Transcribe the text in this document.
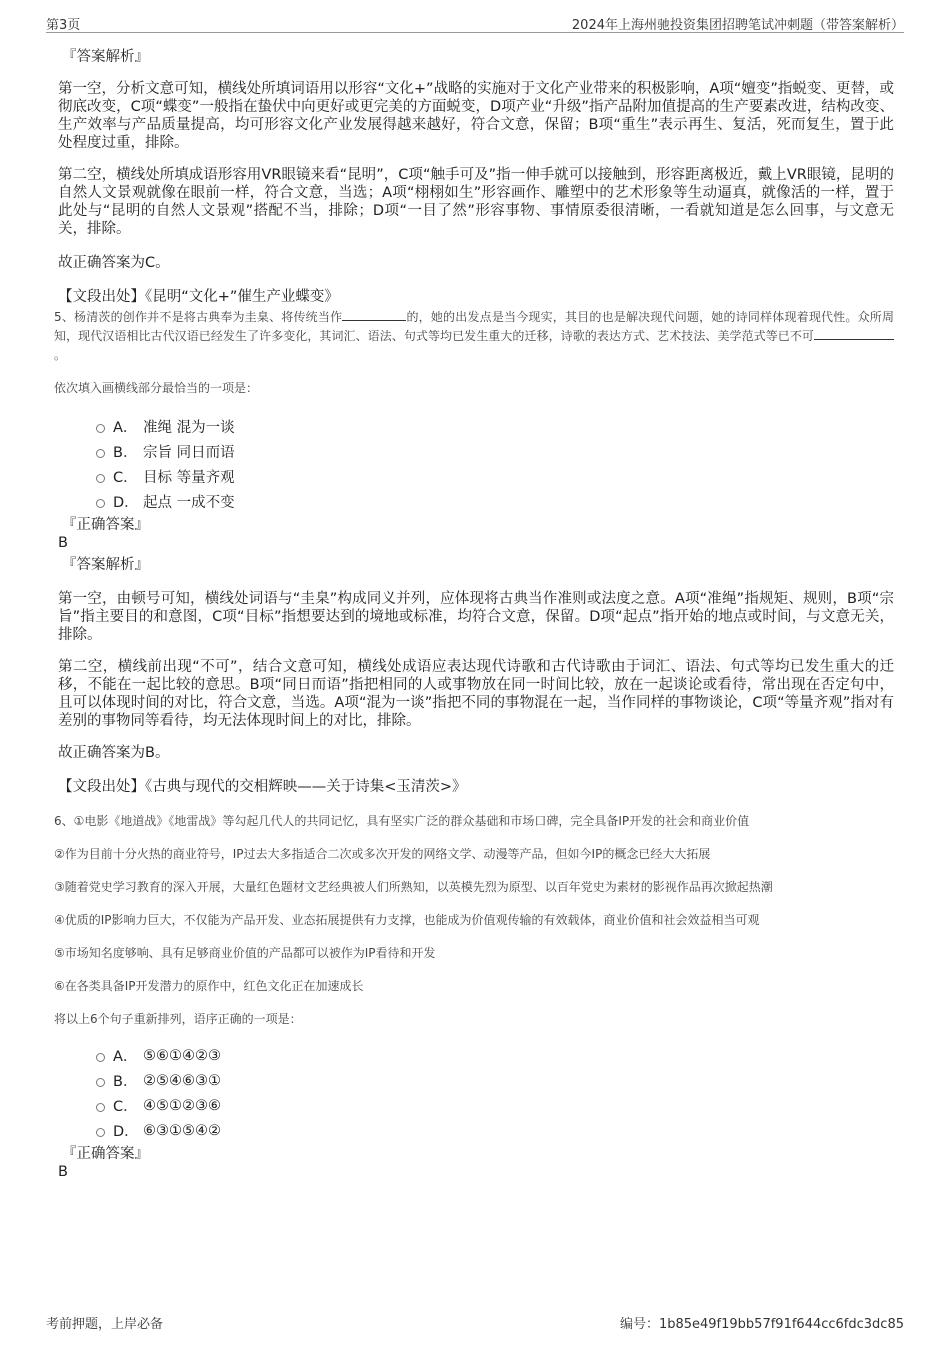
第3页	2024年上海州驰投资集团招聘笔试冲刺题（带答案解析）
『答案解析』
第一空，分析文意可知，横线处所填词语用以形容“文化+”战略的实施对于文化产业带来的积极影响，A项“嬗变”指蜕变、更替，或彻底改变，C项“蝶变”一般指在蛰伏中向更好或更完美的方面蜕变，D项产业“升级”指产品附加值提高的生产要素改进，结构改变、生产效率与产品质量提高，均可形容文化产业发展得越来越好，符合文意，保留；B项“重生”表示再生、复活，死而复生，置于此处程度过重，排除。
第二空，横线处所填成语形容用VR眼镜来看“昆明”，C项“触手可及”指一伸手就可以接触到，形容距离极近，戴上VR眼镜，昆明的自然人文景观就像在眼前一样，符合文意，当选；A项“栩栩如生”形容画作、雕塑中的艺术形象等生动逼真，就像活的一样，置于此处与“昆明的自然人文景观”搭配不当，排除；D项“一目了然”形容事物、事情原委很清晰，一看就知道是怎么回事，与文意无关，排除。
故正确答案为C。
【文段出处】《昆明“文化+”催生产业蝶变》
5、杨清茨的创作并不是将古典奉为圭臬、将传统当作	的，她的出发点是当今现实，其目的也是解决现代问题，她的诗同样体现着现代性。众所周知，现代汉语相比古代汉语已经发生了许多变化，其词汇、语法、句式等均已发生重大的迁移，诗歌的表达方式、艺术技法、美学范式等已不可。
依次填入画横线部分最恰当的一项是：
A． 准绳 混为一谈
B． 宗旨 同日而语
C． 目标 等量齐观
D． 起点 一成不变
『正确答案』
B
『答案解析』
第一空，由顿号可知，横线处词语与“圭臬”构成同义并列，应体现将古典当作准则或法度之意。A项“准绳”指规矩、规则，B项“宗旨”指主要目的和意图，C项“目标”指想要达到的境地或标准，均符合文意，保留。D项“起点”指开始的地点或时间，与文意无关，排除。
第二空，横线前出现“不可”，结合文意可知，横线处成语应表达现代诗歌和古代诗歌由于词汇、语法、句式等均已发生重大的迁移，不能在一起比较的意思。B项“同日而语”指把相同的人或事物放在同一时间比较，放在一起谈论或看待，常出现在否定句中，且可以体现时间的对比，符合文意，当选。A项“混为一谈”指把不同的事物混在一起，当作同样的事物谈论，C项“等量齐观”指对有差别的事物同等看待，均无法体现时间上的对比，排除。
故正确答案为B。
【文段出处】《古典与现代的交相辉映——关于诗集<玉清茨>》
6、①电影《地道战》《地雷战》等勾起几代人的共同记忆，具有坚实广泛的群众基础和市场口碑，完全具备IP开发的社会和商业价值
②作为目前十分火热的商业符号，IP过去大多指适合二次或多次开发的网络文学、动漫等产品，但如今IP的概念已经大大拓展
③随着党史学习教育的深入开展，大量红色题材文艺经典被人们所熟知，以英模先烈为原型、以百年党史为素材的影视作品再次掀起热潮
④优质的IP影响力巨大，不仅能为产品开发、业态拓展提供有力支撑，也能成为价值观传输的有效载体，商业价值和社会效益相当可观
⑤市场知名度够响、具有足够商业价值的产品都可以被作为IP看待和开发
⑥在各类具备IP开发潜力的原作中，红色文化正在加速成长
将以上6个句子重新排列，语序正确的一项是：
A． ⑤⑥①④②③
B． ②⑤④⑥③①
C． ④⑤①②③⑥
D． ⑥③①⑤④②
『正确答案』
B
考前押题，上岸必备	编号：1b85e49f19bb57f91f644cc6fdc3dc85
